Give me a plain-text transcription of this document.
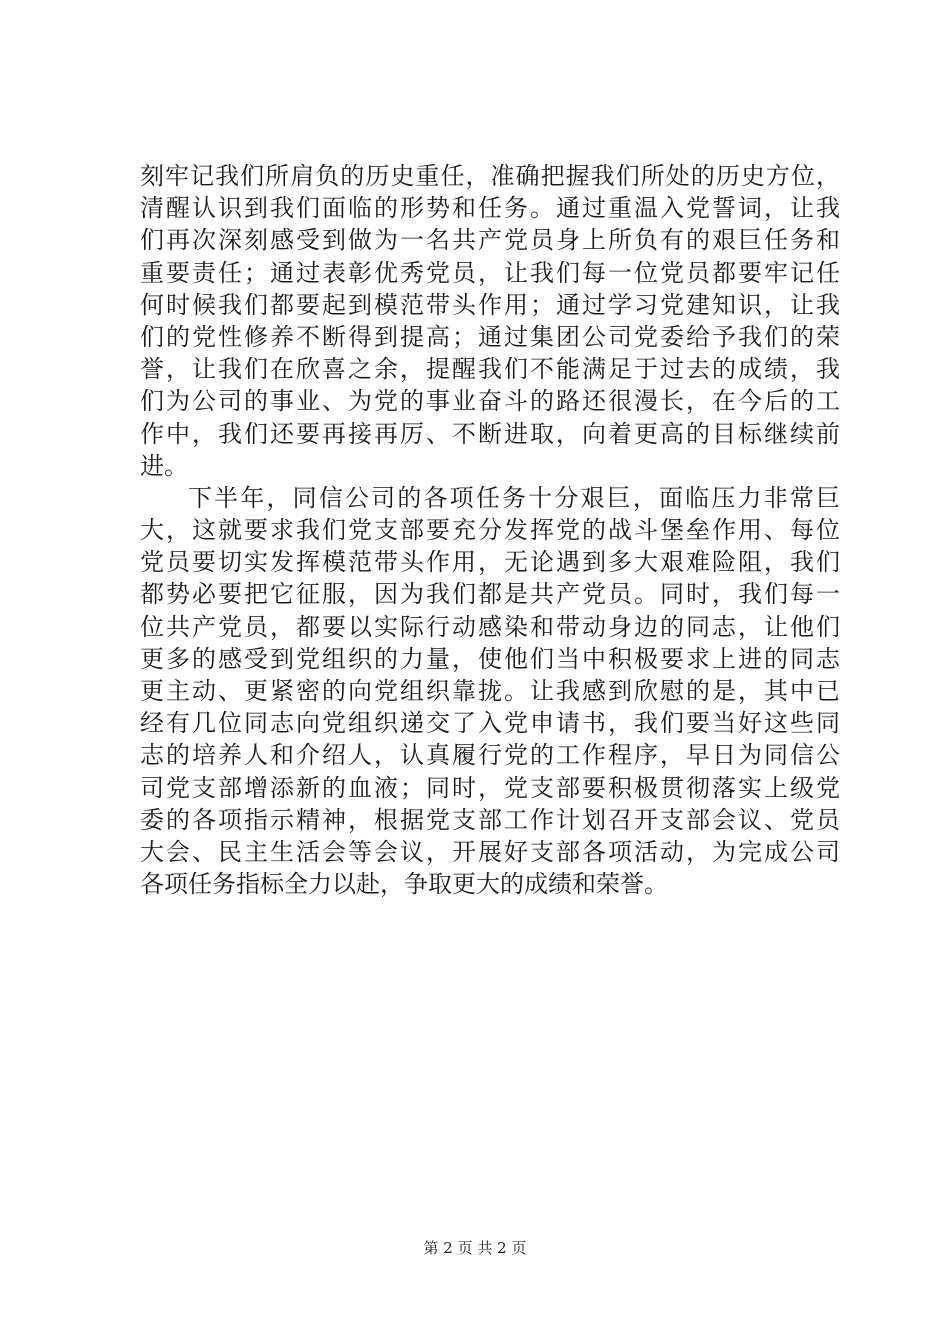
刻牢记我们所肩负的历史重任，准确把握我们所处的历史方位，
清醒认识到我们面临的形势和任务。通过重温入党誓词，让我
们再次深刻感受到做为一名共产党员身上所负有的艰巨任务和
重要责任；通过表彰优秀党员，让我们每一位党员都要牢记任
何时候我们都要起到模范带头作用；通过学习党建知识，让我
们的党性修养不断得到提高；通过集团公司党委给予我们的荣
誉，让我们在欣喜之余，提醒我们不能满足于过去的成绩，我
们为公司的事业、为党的事业奋斗的路还很漫长，在今后的工
作中，我们还要再接再厉、不断进取，向着更高的目标继续前
进。
下半年，同信公司的各项任务十分艰巨，面临压力非常巨
大，这就要求我们党支部要充分发挥党的战斗堡垒作用、每位
党员要切实发挥模范带头作用，无论遇到多大艰难险阻，我们
都势必要把它征服，因为我们都是共产党员。同时，我们每一
位共产党员，都要以实际行动感染和带动身边的同志，让他们
更多的感受到党组织的力量，使他们当中积极要求上进的同志
更主动、更紧密的向党组织靠拢。让我感到欣慰的是，其中已
经有几位同志向党组织递交了入党申请书，我们要当好这些同
志的培养人和介绍人，认真履行党的工作程序，早日为同信公
司党支部增添新的血液；同时，党支部要积极贯彻落实上级党
委的各项指示精神，根据党支部工作计划召开支部会议、党员
大会、民主生活会等会议，开展好支部各项活动，为完成公司
各项任务指标全力以赴，争取更大的成绩和荣誉。
第 2 页 共 2 页
